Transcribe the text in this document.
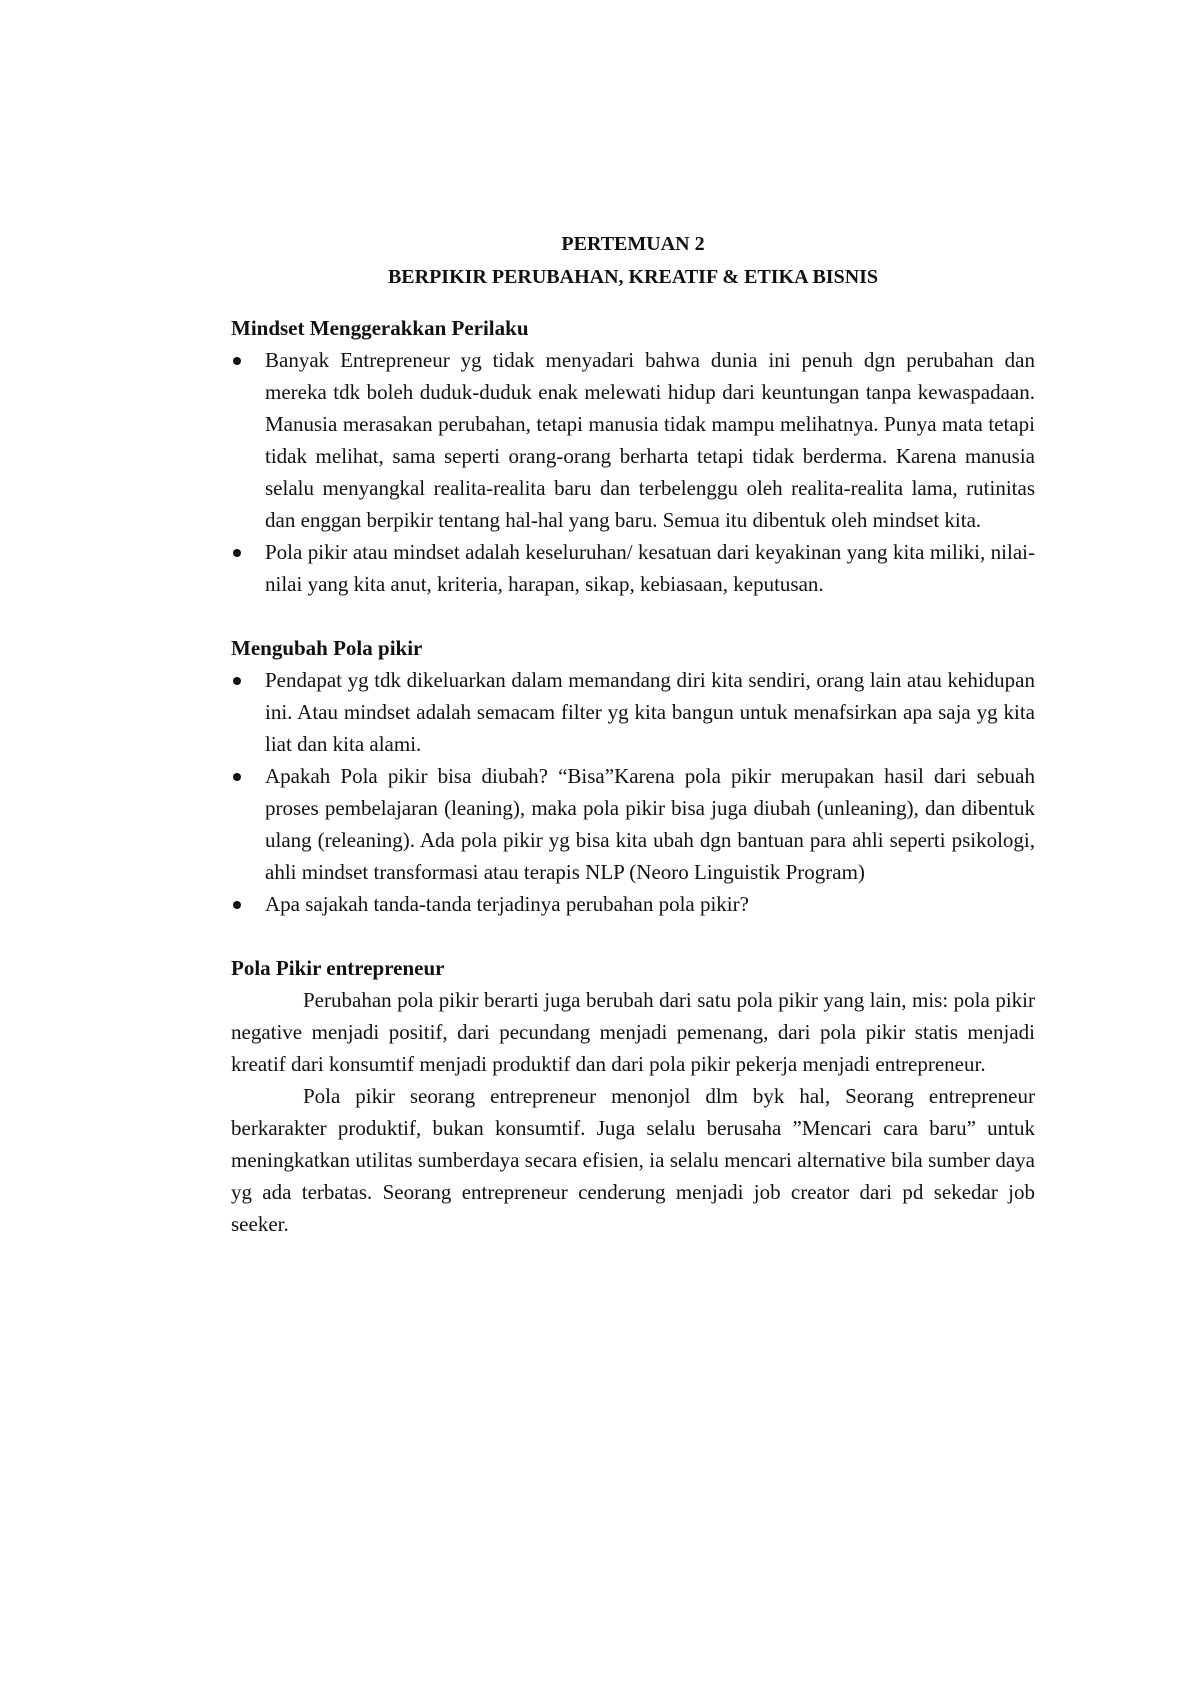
PERTEMUAN 2
BERPIKIR PERUBAHAN, KREATIF & ETIKA BISNIS
Mindset Menggerakkan Perilaku
Banyak Entrepreneur yg tidak menyadari bahwa dunia ini penuh dgn perubahan dan mereka tdk boleh duduk-duduk enak melewati hidup dari keuntungan tanpa kewaspadaan. Manusia merasakan perubahan, tetapi manusia tidak mampu melihatnya. Punya mata tetapi tidak melihat, sama seperti orang-orang berharta tetapi tidak berderma. Karena manusia selalu menyangkal realita-realita baru dan terbelenggu oleh realita-realita lama, rutinitas dan enggan berpikir tentang hal-hal yang baru. Semua itu dibentuk oleh mindset kita.
Pola pikir atau mindset adalah keseluruhan/ kesatuan dari keyakinan yang kita miliki, nilai-nilai yang kita anut, kriteria, harapan, sikap, kebiasaan, keputusan.
Mengubah Pola pikir
Pendapat yg tdk dikeluarkan dalam memandang diri kita sendiri, orang lain atau kehidupan ini. Atau mindset adalah semacam filter yg kita bangun untuk menafsirkan apa saja yg kita liat dan kita alami.
Apakah Pola pikir bisa diubah? “Bisa”Karena pola pikir merupakan hasil dari sebuah proses pembelajaran (leaning), maka pola pikir bisa juga diubah (unleaning), dan dibentuk ulang (releaning). Ada pola pikir yg bisa kita ubah dgn bantuan para ahli seperti psikologi, ahli mindset transformasi atau terapis NLP (Neoro Linguistik Program)
Apa sajakah tanda-tanda terjadinya perubahan pola pikir?
Pola Pikir entrepreneur

Perubahan pola pikir berarti juga berubah dari satu pola pikir yang lain, mis: pola pikir negative menjadi positif, dari pecundang menjadi pemenang, dari pola pikir statis menjadi kreatif dari konsumtif menjadi produktif dan dari pola pikir pekerja menjadi entrepreneur.

Pola pikir seorang entrepreneur menonjol dlm byk hal, Seorang entrepreneur berkarakter produktif, bukan konsumtif. Juga selalu berusaha ”Mencari cara baru” untuk meningkatkan utilitas sumberdaya secara efisien, ia selalu mencari alternative bila sumber daya yg ada terbatas. Seorang entrepreneur cenderung menjadi job creator dari pd sekedar job seeker.
